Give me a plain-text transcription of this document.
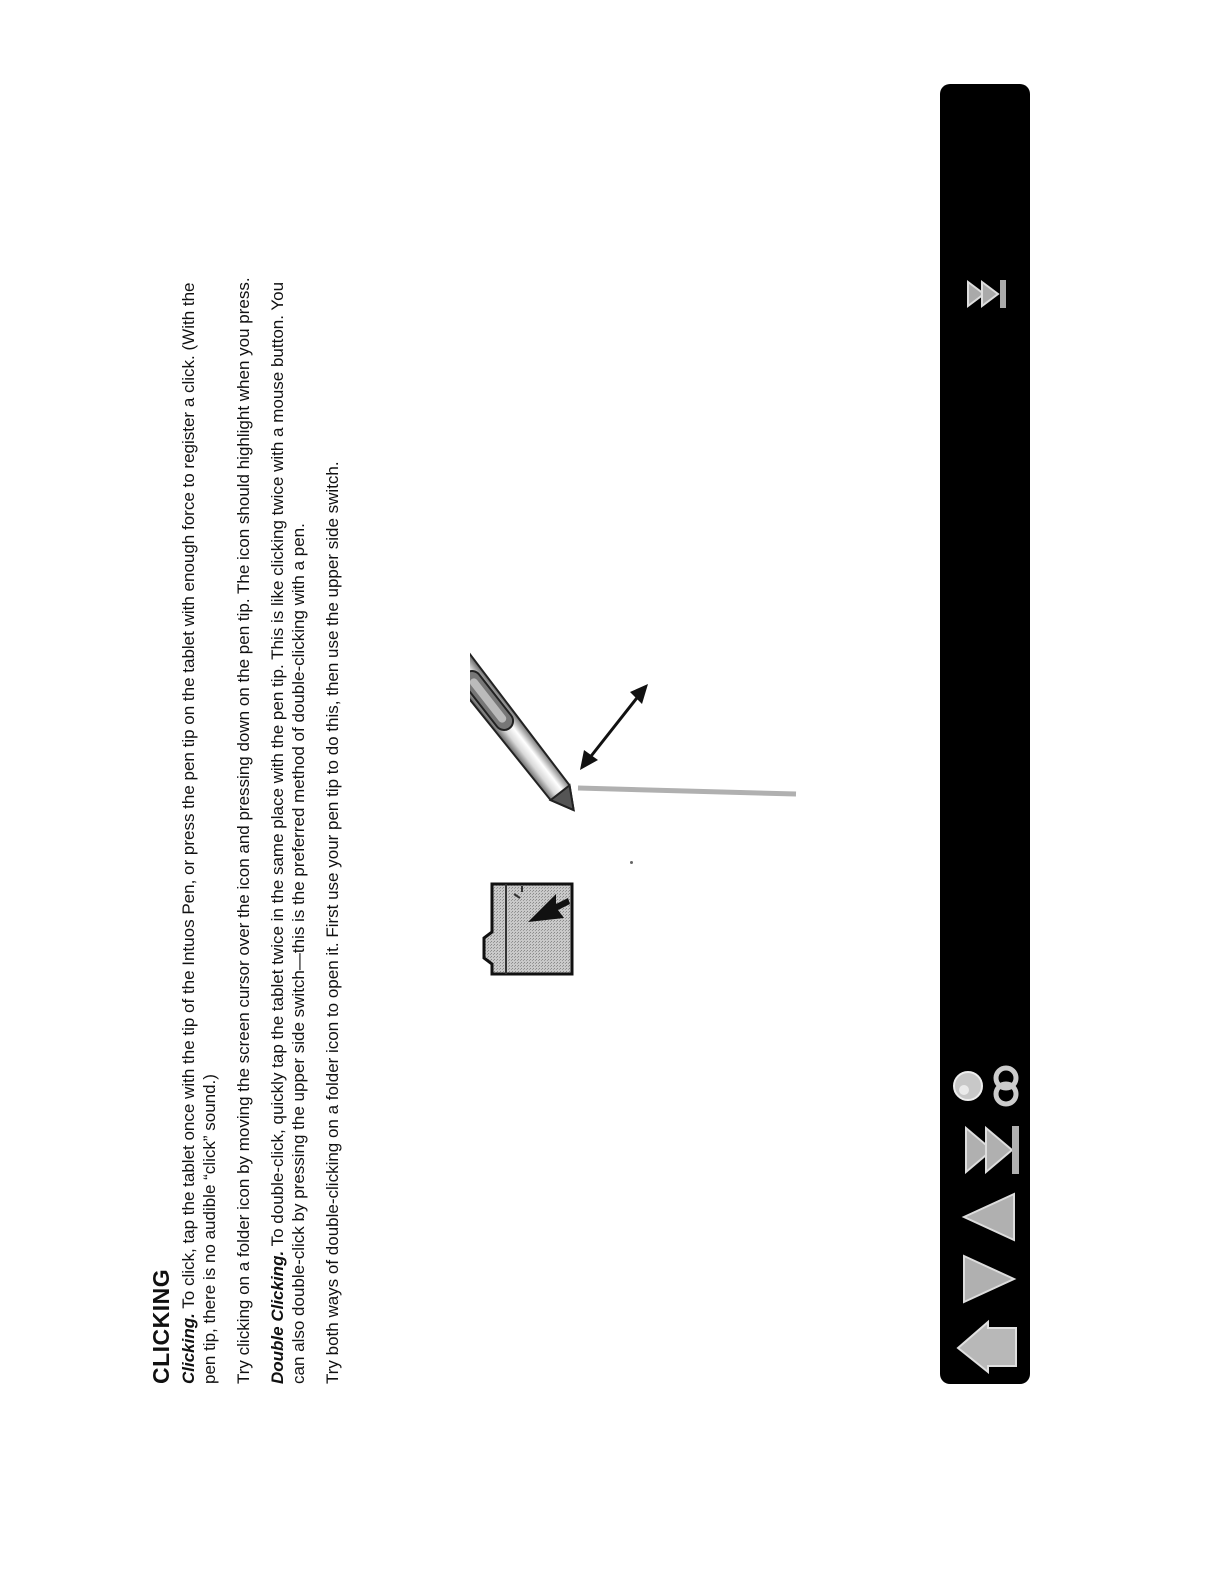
CLICKING Clicking. To click, tap the tablet once with the tip of the Intuos Pen, or press the pen tip on the tablet with enough force to register a click. (With the pen tip, there is no audible “click” sound.) Try clicking on a folder icon by moving the screen cursor over the icon and pressing down on the pen tip. The icon should highlight when you press. Double Clicking. To double-click, quickly tap the tablet twice in the same place with the pen tip. This is like clicking twice with a mouse button. You can also double-click by pressing the upper side switch—this is the preferred method of double-clicking with a pen. Try both ways of double-clicking on a folder icon to open it. First use your pen tip to do this, then use the upper side switch.
